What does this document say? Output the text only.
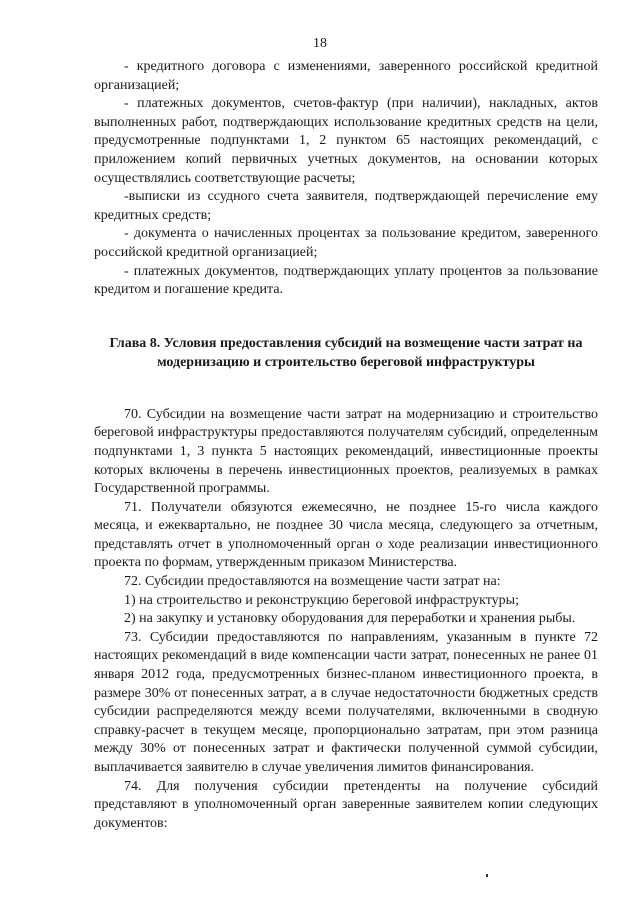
18

- кредитного договора с изменениями, заверенного российской кредитной организацией;

- платежных документов, счетов-фактур (при наличии), накладных, актов выполненных работ, подтверждающих использование кредитных средств на цели, предусмотренные подпунктами 1, 2 пунктом 65 настоящих рекомендаций, с приложением копий первичных учетных документов, на основании которых осуществлялись соответствующие расчеты;

-выписки из ссудного счета заявителя, подтверждающей перечисление ему кредитных средств;

- документа о начисленных процентах за пользование кредитом, заверенного российской кредитной организацией;

- платежных документов, подтверждающих уплату процентов за пользование кредитом и погашение кредита.

Глава 8. Условия предоставления субсидий на возмещение части затрат на модернизацию и строительство береговой инфраструктуры

70. Субсидии на возмещение части затрат на модернизацию и строительство береговой инфраструктуры предоставляются получателям субсидий, определенным подпунктами 1, 3 пункта 5 настоящих рекомендаций, инвестиционные проекты которых включены в перечень инвестиционных проектов, реализуемых в рамках Государственной программы.

71. Получатели обязуются ежемесячно, не позднее 15-го числа каждого месяца, и ежеквартально, не позднее 30 числа месяца, следующего за отчетным, представлять отчет в уполномоченный орган о ходе реализации инвестиционного проекта по формам, утвержденным приказом Министерства.

72. Субсидии предоставляются на возмещение части затрат на:

1) на строительство и реконструкцию береговой инфраструктуры;

2) на закупку и установку оборудования для переработки и хранения рыбы.

73. Субсидии предоставляются по направлениям, указанным в пункте 72 настоящих рекомендаций в виде компенсации части затрат, понесенных не ранее 01 января 2012 года, предусмотренных бизнес-планом инвестиционного проекта, в размере 30% от понесенных затрат, а в случае недостаточности бюджетных средств субсидии распределяются между всеми получателями, включенными в сводную справку-расчет в текущем месяце, пропорционально затратам, при этом разница между 30% от понесенных затрат и фактически полученной суммой субсидии, выплачивается заявителю в случае увеличения лимитов финансирования.

74. Для получения субсидии претенденты на получение субсидий представляют в уполномоченный орган заверенные заявителем копии следующих документов:
